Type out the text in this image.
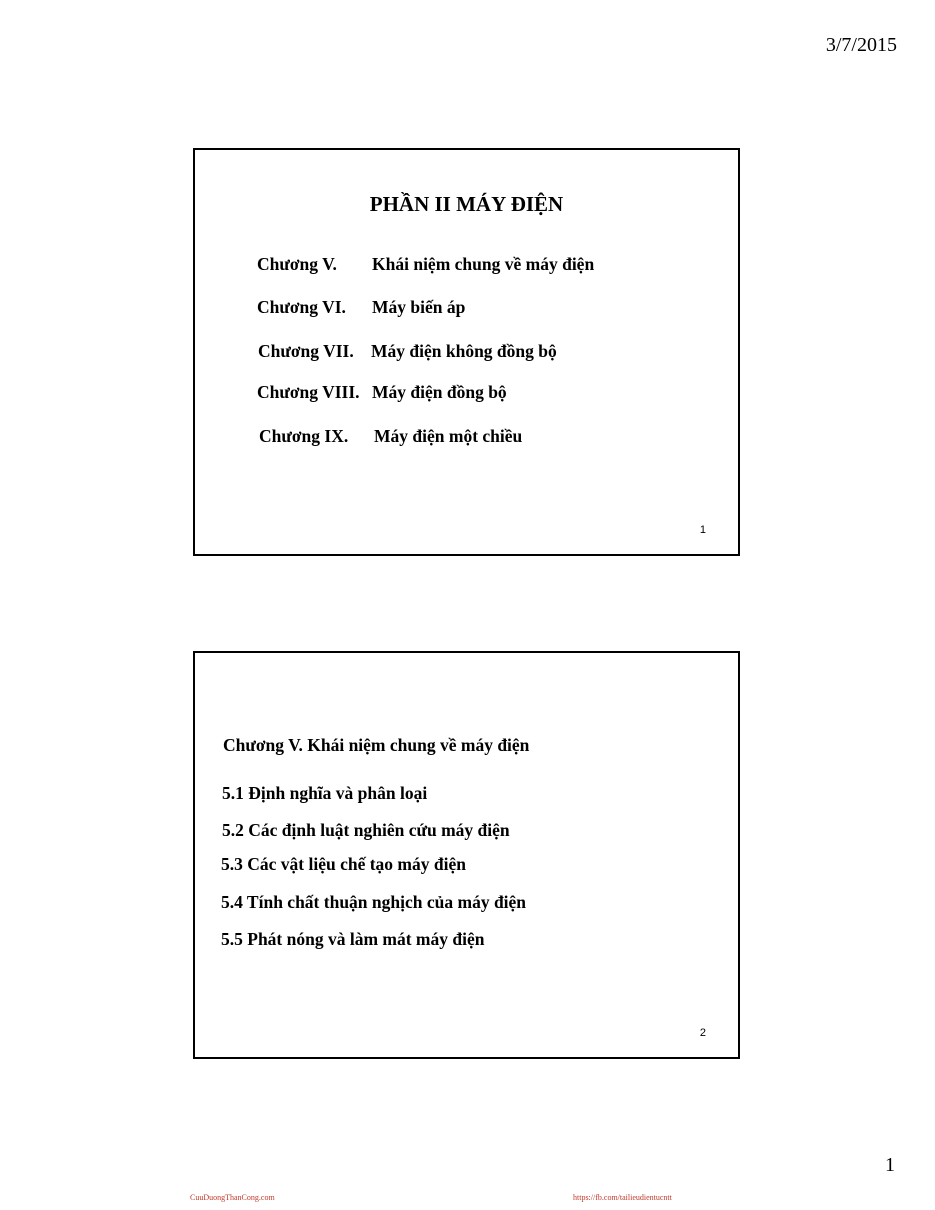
3/7/2015
PHẦN II MÁY ĐIỆN
Chương V. Khái niệm chung về máy điện
Chương VI. Máy biến áp
Chương VII. Máy điện không đồng bộ
Chương VIII. Máy điện đồng bộ
Chương IX. Máy điện một chiều
1
Chương V. Khái niệm chung về máy điện
5.1 Định nghĩa và phân loại
5.2 Các định luật nghiên cứu máy điện
5.3 Các vật liệu chế tạo máy điện
5.4 Tính chất thuận nghịch của máy điện
5.5 Phát nóng và làm mát máy điện
2
1
CuuDuongThanCong.com	https://fb.com/tailieudientucntt
